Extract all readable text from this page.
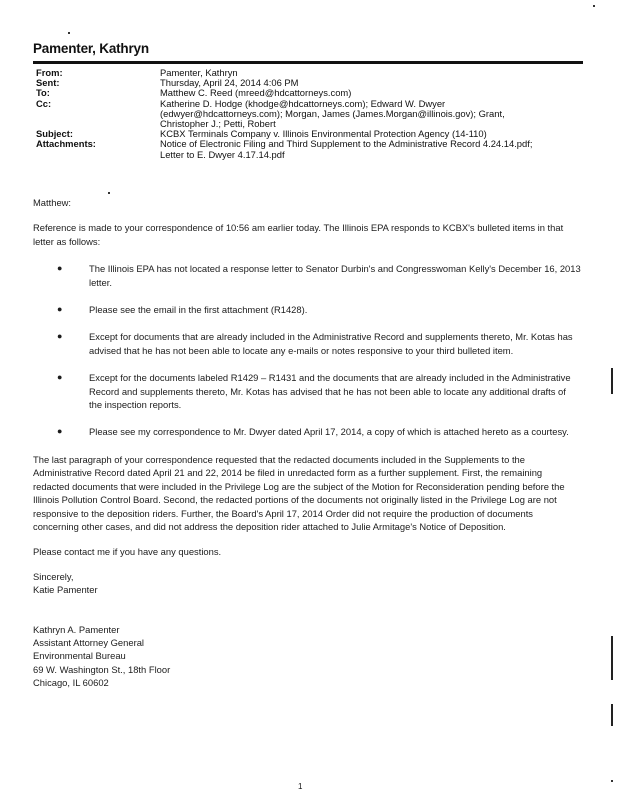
Pamenter, Kathryn
From:	Pamenter, Kathryn
Sent:	Thursday, April 24, 2014 4:06 PM
To:	Matthew C. Reed (mreed@hdcattorneys.com)
Cc:	Katherine D. Hodge (khodge@hdcattorneys.com); Edward W. Dwyer
(edwyer@hdcattorneys.com); Morgan, James (James.Morgan@illinois.gov); Grant,
Christopher J.; Petti, Robert
Subject:	KCBX Terminals Company v. Illinois Environmental Protection Agency (14-110)
Attachments:	Notice of Electronic Filing and Third Supplement to the Administrative Record 4.24.14.pdf;
Letter to E. Dwyer 4.17.14.pdf

Matthew:

Reference is made to your correspondence of 10:56 am earlier today. The Illinois EPA responds to KCBX's bulleted items in that letter as follows:

●	The Illinois EPA has not located a response letter to Senator Durbin's and Congresswoman Kelly's December 16, 2013 letter.
●	Please see the email in the first attachment (R1428).
●	Except for documents that are already included in the Administrative Record and supplements thereto, Mr. Kotas has advised that he has not been able to locate any e-mails or notes responsive to your third bulleted item.
●	Except for the documents labeled R1429 – R1431 and the documents that are already included in the Administrative Record and supplements thereto, Mr. Kotas has advised that he has not been able to locate any additional drafts of the inspection reports.
●	Please see my correspondence to Mr. Dwyer dated April 17, 2014, a copy of which is attached hereto as a courtesy.

The last paragraph of your correspondence requested that the redacted documents included in the Supplements to the Administrative Record dated April 21 and 22, 2014 be filed in unredacted form as a further supplement. First, the remaining redacted documents that were included in the Privilege Log are the subject of the Motion for Reconsideration pending before the Illinois Pollution Control Board. Second, the redacted portions of the documents not originally listed in the Privilege Log are not responsive to the deposition riders. Further, the Board's April 17, 2014 Order did not require the production of documents concerning other cases, and did not address the deposition rider attached to Julie Armitage's Notice of Deposition.

Please contact me if you have any questions.

Sincerely,

Katie Pamenter

Kathryn A. Pamenter

Assistant Attorney General

Environmental Bureau

69 W. Washington St., 18th Floor

Chicago, IL 60602

1
